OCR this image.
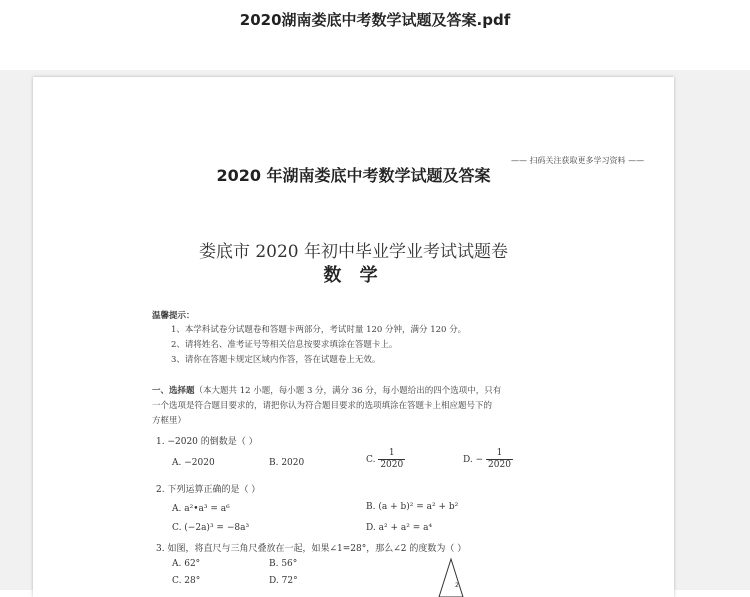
2020湖南娄底中考数学试题及答案.pdf
—— 扫码关注获取更多学习资料 ——
2020 年湖南娄底中考数学试题及答案
娄底市 2020 年初中毕业学业考试试题卷
数 学
温馨提示：
1、本学科试卷分试题卷和答题卡两部分，考试时量 120 分钟，满分 120 分。
2、请将姓名、准考证号等相关信息按要求填涂在答题卡上。
3、请你在答题卡规定区域内作答，答在试题卷上无效。
一、选择题（本大题共 12 小题，每小题 3 分，满分 36 分，每小题给出的四个选项中，只有
一个选项是符合题目要求的，请把你认为符合题目要求的选项填涂在答题卡上相应题号下的
方框里）
1. −2020 的倒数是（ ）
A. −2020	B. 2020	C. $\frac{1}{2020}$	D. − $\frac{1}{2020}$
2. 下列运算正确的是（ ）
A. a²•a³ = a⁶	B. (a + b)² = a² + b²
C. (−2a)³ = −8a³	D. a² + a² = a⁴
3. 如图，将直尺与三角尺叠放在一起，如果∠1=28°，那么∠2 的度数为（ ）
A. 62°	B. 56°
C. 28°	D. 72°	2
